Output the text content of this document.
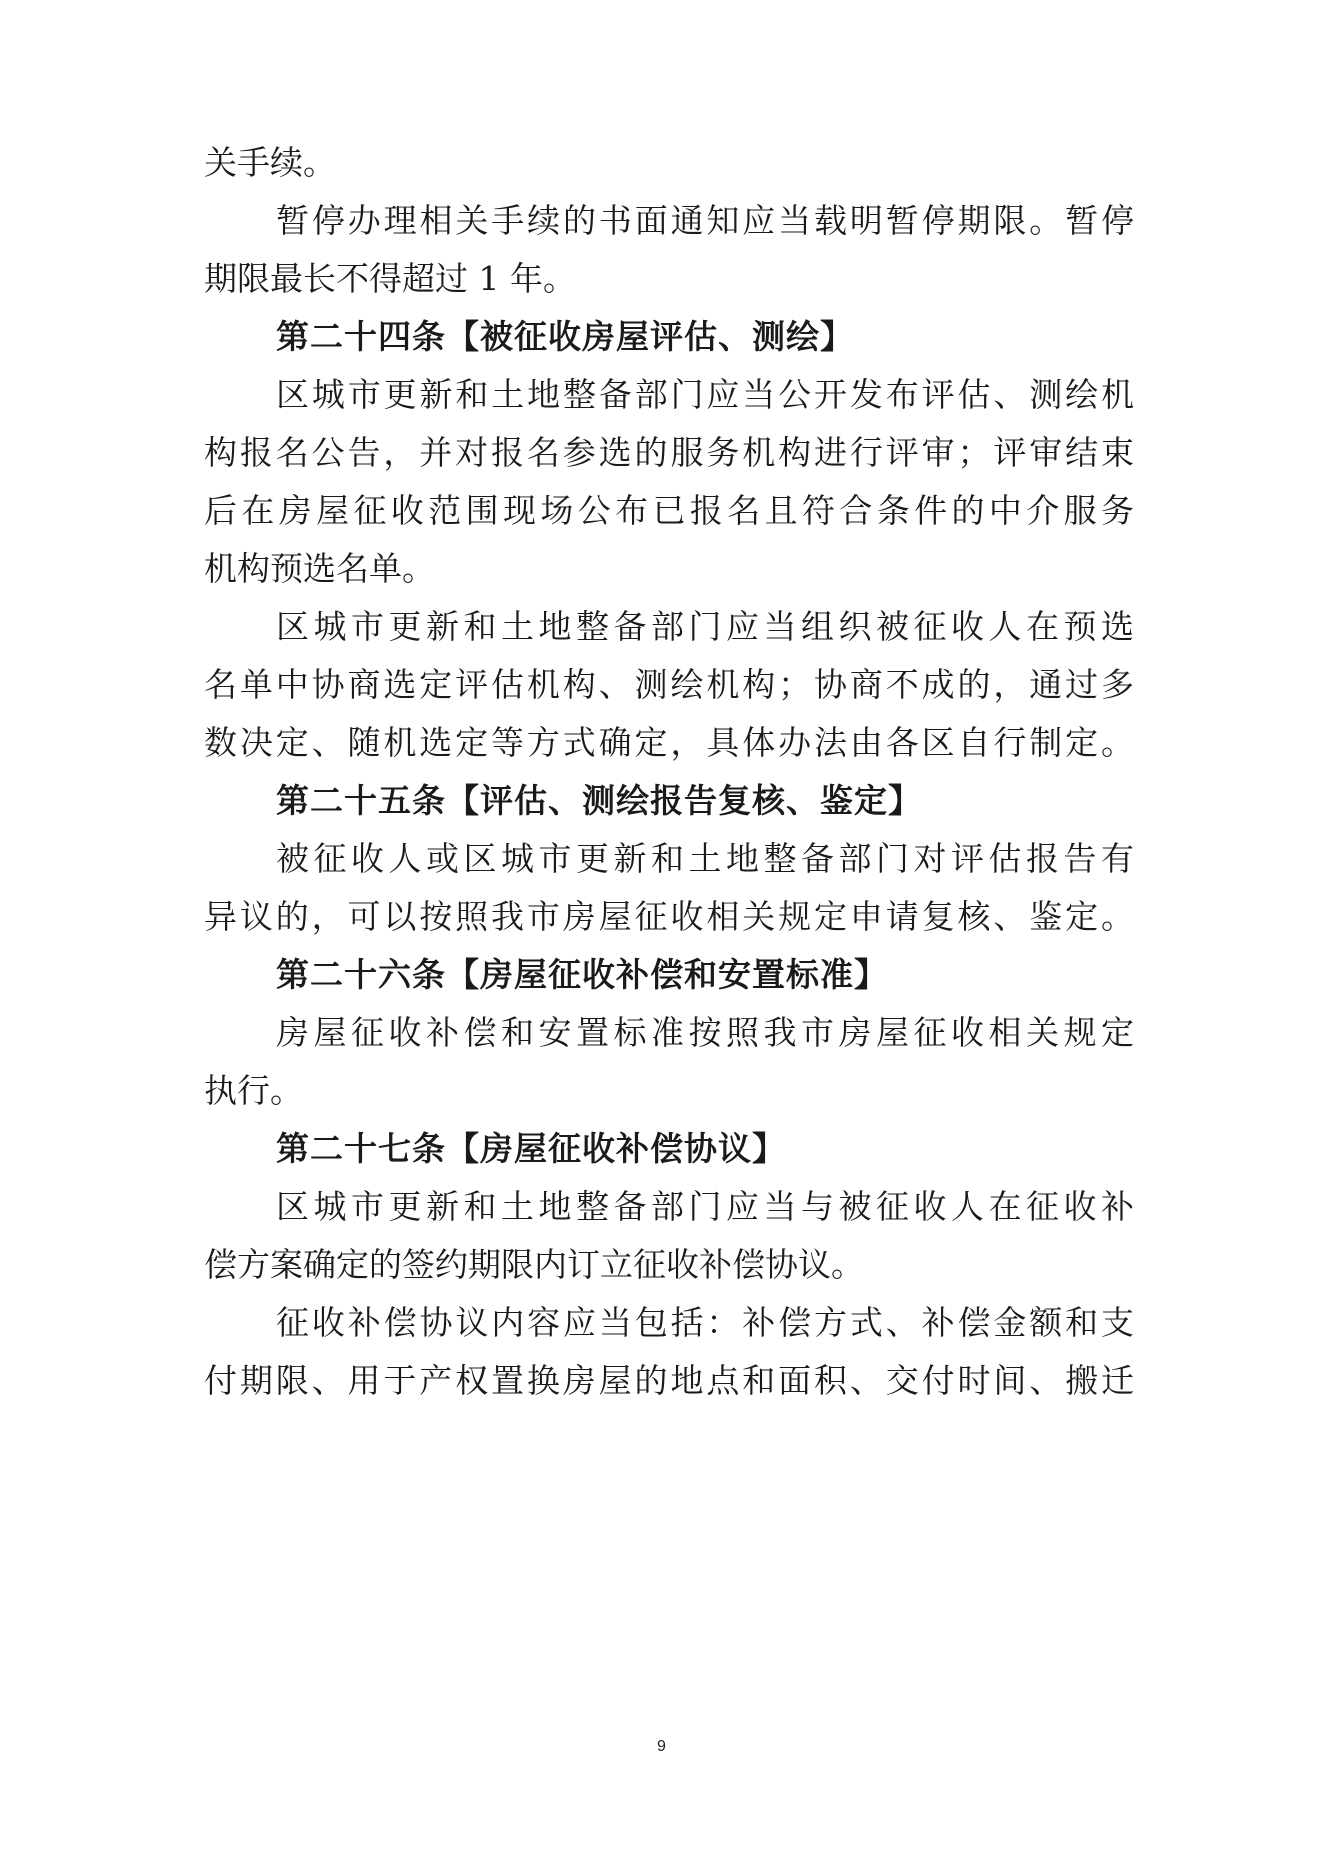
关手续。
暂停办理相关手续的书面通知应当载明暂停期限。暂停
期限最长不得超过 1 年。
第二十四条【被征收房屋评估、测绘】
区城市更新和土地整备部门应当公开发布评估、测绘机
构报名公告，并对报名参选的服务机构进行评审；评审结束
后在房屋征收范围现场公布已报名且符合条件的中介服务
机构预选名单。
区城市更新和土地整备部门应当组织被征收人在预选
名单中协商选定评估机构、测绘机构；协商不成的，通过多
数决定、随机选定等方式确定，具体办法由各区自行制定。
第二十五条【评估、测绘报告复核、鉴定】
被征收人或区城市更新和土地整备部门对评估报告有
异议的，可以按照我市房屋征收相关规定申请复核、鉴定。
第二十六条【房屋征收补偿和安置标准】
房屋征收补偿和安置标准按照我市房屋征收相关规定
执行。
第二十七条【房屋征收补偿协议】
区城市更新和土地整备部门应当与被征收人在征收补
偿方案确定的签约期限内订立征收补偿协议。
征收补偿协议内容应当包括：补偿方式、补偿金额和支
付期限、用于产权置换房屋的地点和面积、交付时间、搬迁
9
